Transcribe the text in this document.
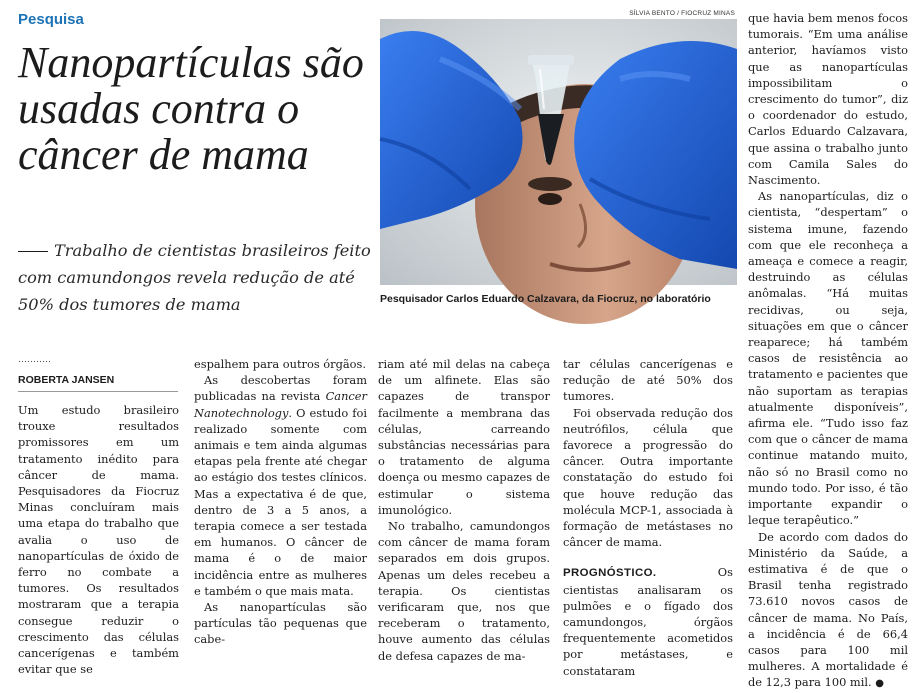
Pesquisa
Nanopartículas são usadas contra o câncer de mama

Trabalho de cientistas brasileiros feito com camundongos revela redução de até 50% dos tumores de mama

SÍLVIA BENTO / FIOCRUZ MINAS
Pesquisador Carlos Eduardo Calzavara, da Fiocruz, no laboratório
ROBERTA JANSEN

Um estudo brasileiro trouxe resultados promissores em um tratamento inédito para câncer de mama. Pesquisadores da Fiocruz Minas concluíram mais uma etapa do trabalho que avalia o uso de nanopartículas de óxido de ferro no combate a tumores. Os resultados mostraram que a terapia consegue reduzir o crescimento das células cancerígenas e também evitar que se

espalhem para outros órgãos.

As descobertas foram publicadas na revista Cancer Nanotechnology. O estudo foi realizado somente com animais e tem ainda algumas etapas pela frente até chegar ao estágio dos testes clínicos. Mas a expectativa é de que, dentro de 3 a 5 anos, a terapia comece a ser testada em humanos. O câncer de mama é o de maior incidência entre as mulheres e também o que mais mata.

As nanopartículas são partículas tão pequenas que cabe-

riam até mil delas na cabeça de um alfinete. Elas são capazes de transpor facilmente a membrana das células, carreando substâncias necessárias para o tratamento de alguma doença ou mesmo capazes de estimular o sistema imunológico.

No trabalho, camundongos com câncer de mama foram separados em dois grupos. Apenas um deles recebeu a terapia. Os cientistas verificaram que, nos que receberam o tratamento, houve aumento das células de defesa capazes de ma-

tar células cancerígenas e redução de até 50% dos tumores.

Foi observada redução dos neutrófilos, célula que favorece a progressão do câncer. Outra importante constatação do estudo foi que houve redução das molécula MCP-1, associada à formação de metástases no câncer de mama.

PROGNÓSTICO. Os cientistas analisaram os pulmões e o fígado dos camundongos, órgãos frequentemente acometidos por metástases, e constataram

que havia bem menos focos tumorais. “Em uma análise anterior, havíamos visto que as nanopartículas impossibilitam o crescimento do tumor”, diz o coordenador do estudo, Carlos Eduardo Calzavara, que assina o trabalho junto com Camila Sales do Nascimento.

As nanopartículas, diz o cientista, “despertam” o sistema imune, fazendo com que ele reconheça a ameaça e comece a reagir, destruindo as células anômalas. “Há muitas recidivas, ou seja, situações em que o câncer reaparece; há também casos de resistência ao tratamento e pacientes que não suportam as terapias atualmente disponíveis”, afirma ele. “Tudo isso faz com que o câncer de mama continue matando muito, não só no Brasil como no mundo todo. Por isso, é tão importante expandir o leque terapêutico.”

De acordo com dados do Ministério da Saúde, a estimativa é de que o Brasil tenha registrado 73.610 novos casos de câncer de mama. No País, a incidência é de 66,4 casos para 100 mil mulheres. A mortalidade é de 12,3 para 100 mil. ●
